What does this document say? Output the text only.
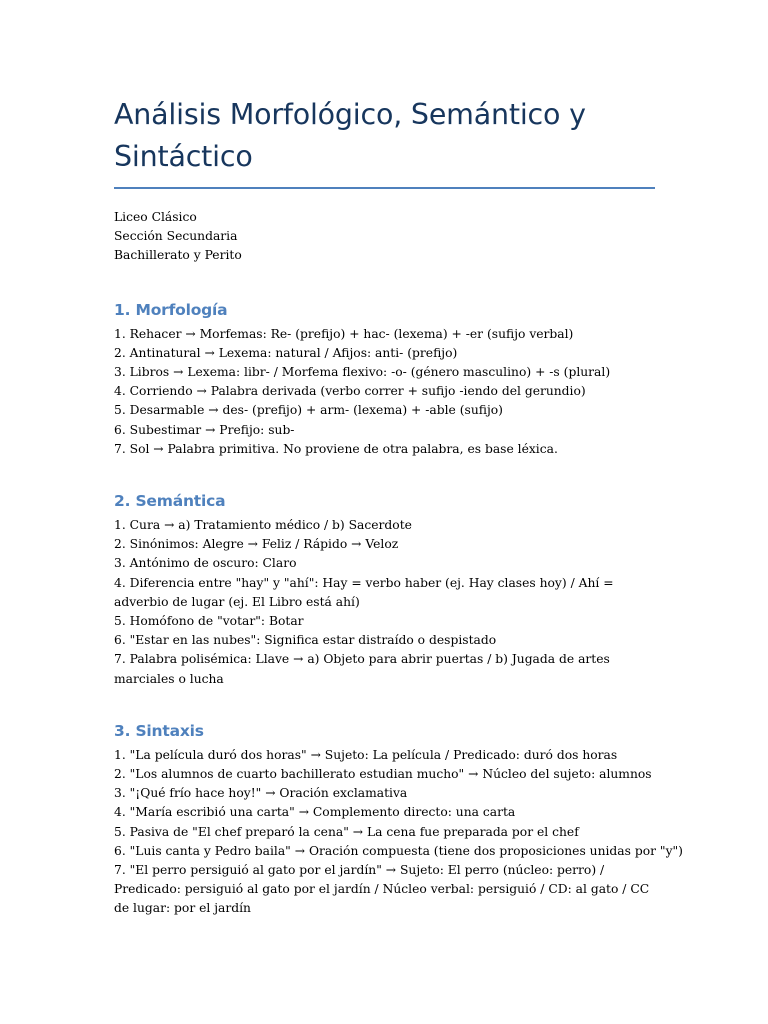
Análisis Morfológico, Semántico y Sintáctico
Liceo Clásico
Sección Secundaria
Bachillerato y Perito
1. Morfología
1. Rehacer → Morfemas: Re- (prefijo) + hac- (lexema) + -er (sufijo verbal)
2. Antinatural → Lexema: natural / Afijos: anti- (prefijo)
3. Libros → Lexema: libr- / Morfema flexivo: -o- (género masculino) + -s (plural)
4. Corriendo → Palabra derivada (verbo correr + sufijo -iendo del gerundio)
5. Desarmable → des- (prefijo) + arm- (lexema) + -able (sufijo)
6. Subestimar → Prefijo: sub-
7. Sol → Palabra primitiva. No proviene de otra palabra, es base léxica.
2. Semántica
1. Cura → a) Tratamiento médico / b) Sacerdote
2. Sinónimos: Alegre → Feliz / Rápido → Veloz
3. Antónimo de oscuro: Claro
4. Diferencia entre "hay" y "ahí": Hay = verbo haber (ej. Hay clases hoy) / Ahí = adverbio de lugar (ej. El Libro está ahí)
5. Homófono de "votar": Botar
6. "Estar en las nubes": Significa estar distraído o despistado
7. Palabra polisémica: Llave → a) Objeto para abrir puertas / b) Jugada de artes marciales o lucha
3. Sintaxis
1. "La película duró dos horas" → Sujeto: La película / Predicado: duró dos horas
2. "Los alumnos de cuarto bachillerato estudian mucho" → Núcleo del sujeto: alumnos
3. "¡Qué frío hace hoy!" → Oración exclamativa
4. "María escribió una carta" → Complemento directo: una carta
5. Pasiva de "El chef preparó la cena" → La cena fue preparada por el chef
6. "Luis canta y Pedro baila" → Oración compuesta (tiene dos proposiciones unidas por "y")
7. "El perro persiguió al gato por el jardín" → Sujeto: El perro (núcleo: perro) / Predicado: persiguió al gato por el jardín / Núcleo verbal: persiguió / CD: al gato / CC de lugar: por el jardín
